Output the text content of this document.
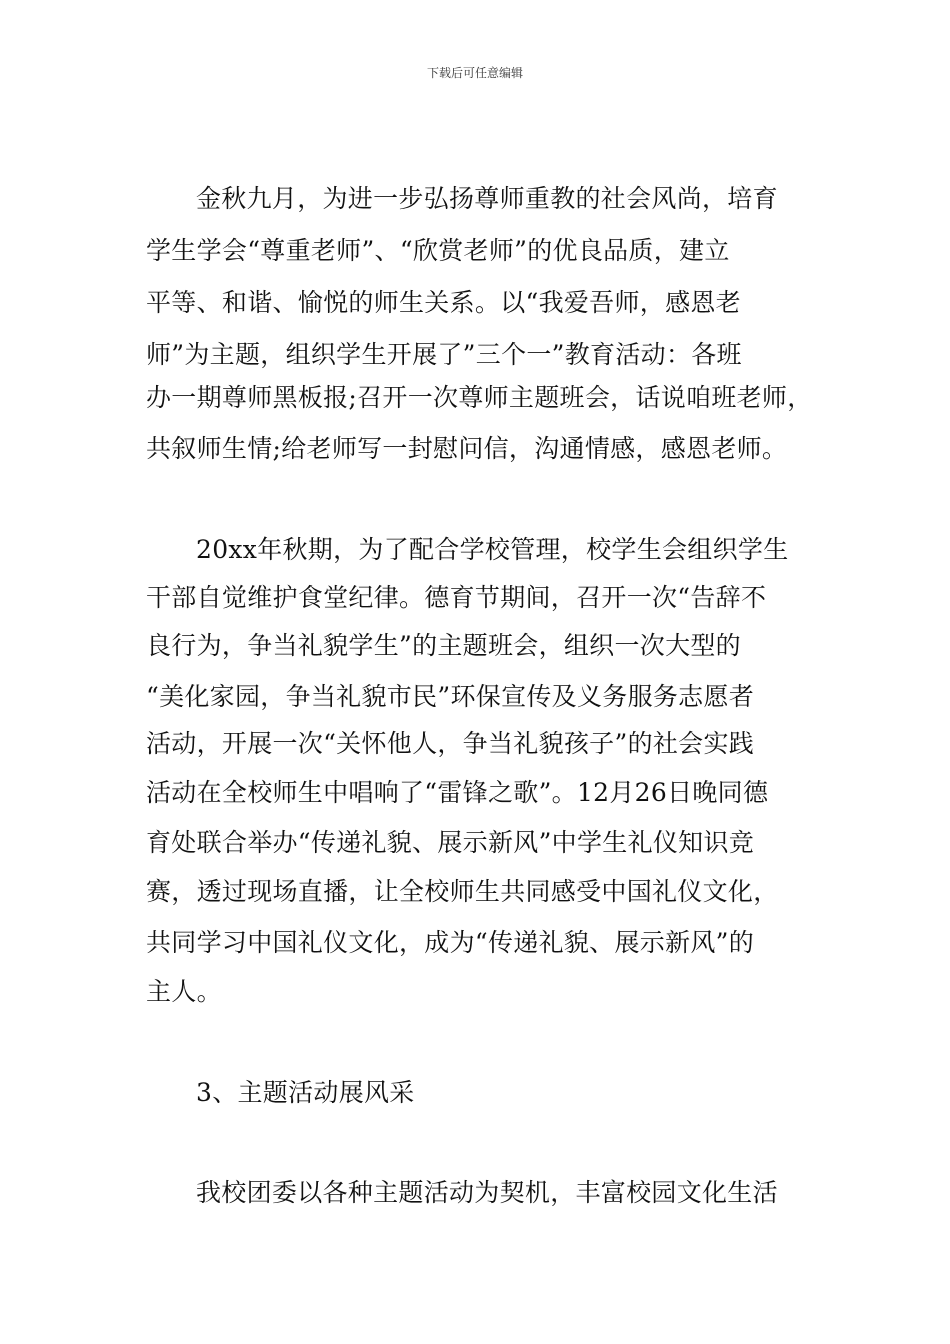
下载后可任意编辑
金秋九月，为进一步弘扬尊师重教的社会风尚，培育
学生学会“尊重老师”、“欣赏老师”的优良品质，建立
平等、和谐、愉悦的师生关系。以“我爱吾师，感恩老
师”为主题，组织学生开展了”三个一”教育活动：各班
办一期尊师黑板报;召开一次尊师主题班会，话说咱班老师，
共叙师生情;给老师写一封慰问信，沟通情感，感恩老师。
20xx年秋期，为了配合学校管理，校学生会组织学生
干部自觉维护食堂纪律。德育节期间，召开一次“告辞不
良行为，争当礼貌学生”的主题班会，组织一次大型的
“美化家园，争当礼貌市民”环保宣传及义务服务志愿者
活动，开展一次“关怀他人，争当礼貌孩子”的社会实践
活动在全校师生中唱响了“雷锋之歌”。12月26日晚同德
育处联合举办“传递礼貌、展示新风”中学生礼仪知识竞
赛，透过现场直播，让全校师生共同感受中国礼仪文化，
共同学习中国礼仪文化，成为“传递礼貌、展示新风”的
主人。
3、主题活动展风采
我校团委以各种主题活动为契机，丰富校园文化生活
